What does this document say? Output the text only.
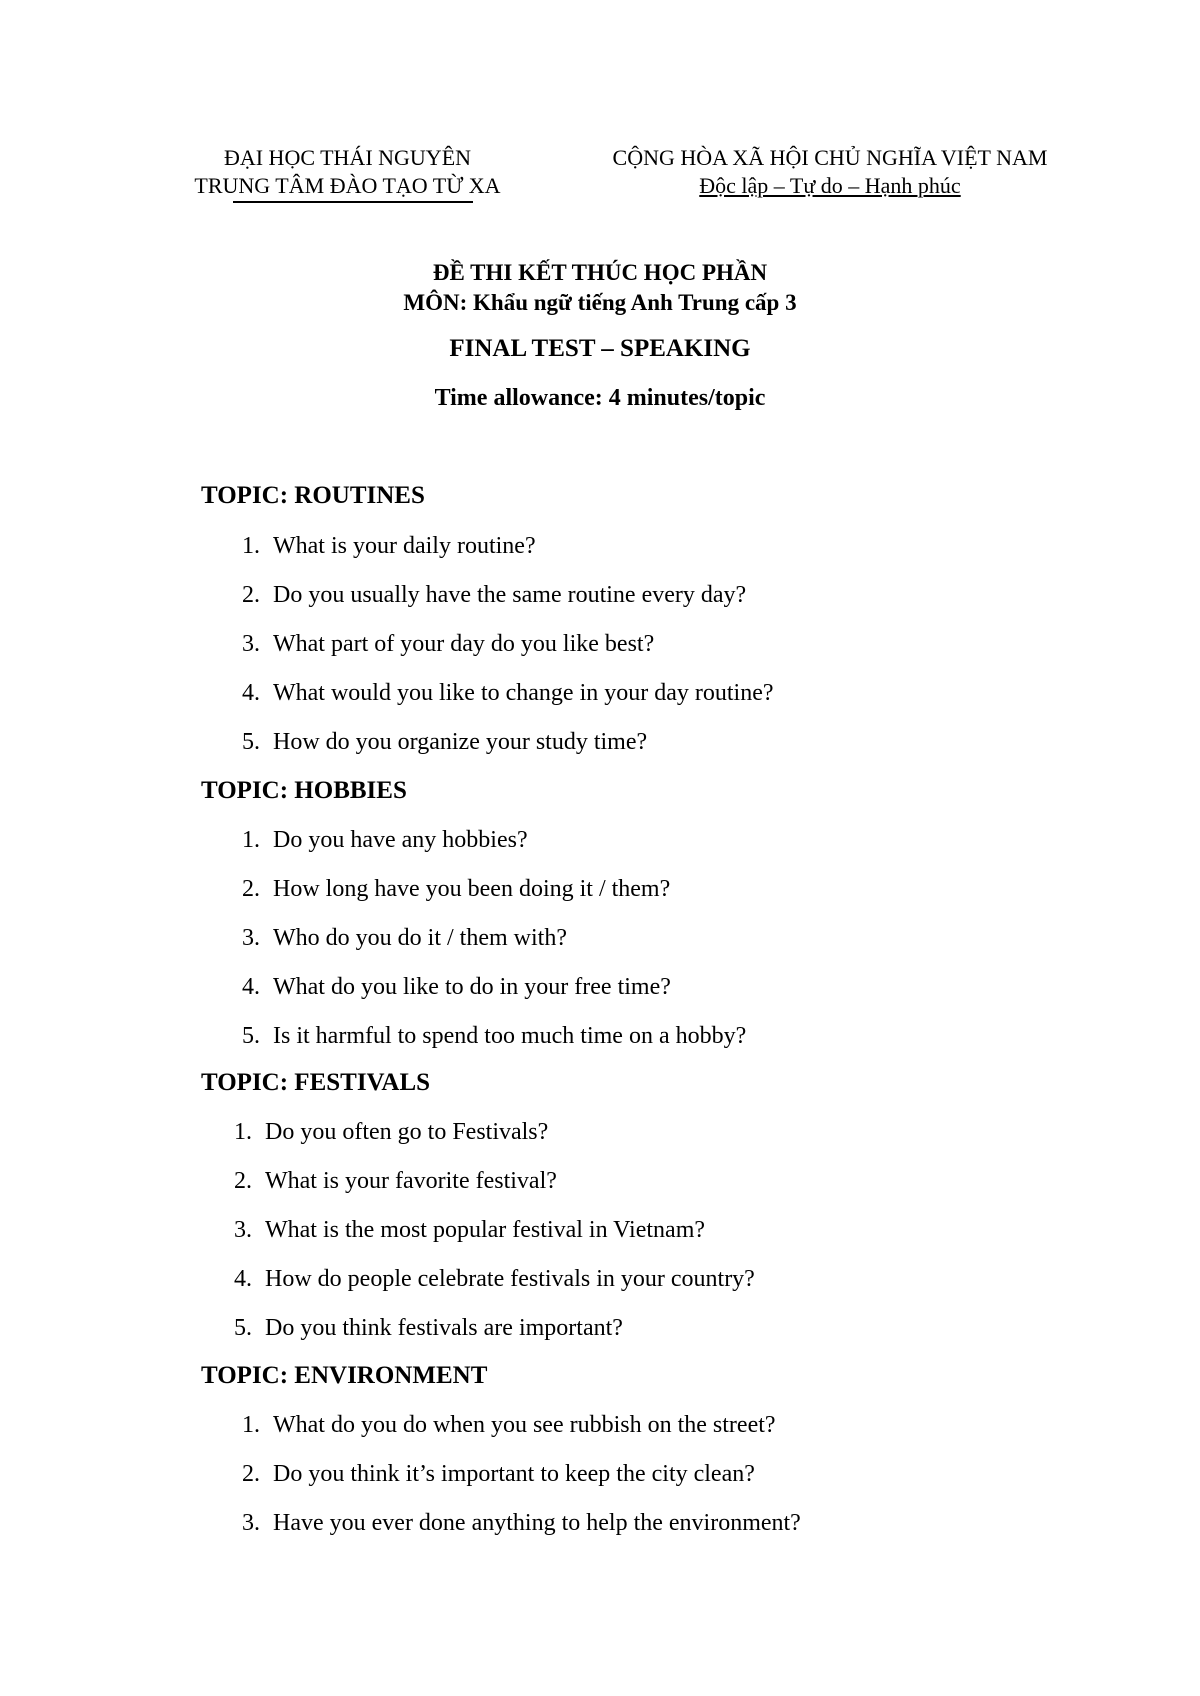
ĐẠI HỌC THÁI NGUYÊN
TRUNG TÂM ĐÀO TẠO TỪ XA
CỘNG HÒA XÃ HỘI CHỦ NGHĨA VIỆT NAM
Độc lập – Tự do – Hạnh phúc
ĐỀ THI KẾT THÚC HỌC PHẦN
MÔN: Khẩu ngữ tiếng Anh Trung cấp 3
FINAL TEST – SPEAKING
Time allowance: 4 minutes/topic
TOPIC: ROUTINES
1. What is your daily routine?
2. Do you usually have the same routine every day?
3. What part of your day do you like best?
4. What would you like to change in your day routine?
5. How do you organize your study time?
TOPIC: HOBBIES
1. Do you have any hobbies?
2. How long have you been doing it / them?
3. Who do you do it / them with?
4. What do you like to do in your free time?
5. Is it harmful to spend too much time on a hobby?
TOPIC: FESTIVALS
1. Do you often go to Festivals?
2. What is your favorite festival?
3. What is the most popular festival in Vietnam?
4. How do people celebrate festivals in your country?
5. Do you think festivals are important?
TOPIC: ENVIRONMENT
1. What do you do when you see rubbish on the street?
2. Do you think it’s important to keep the city clean?
3. Have you ever done anything to help the environment?
